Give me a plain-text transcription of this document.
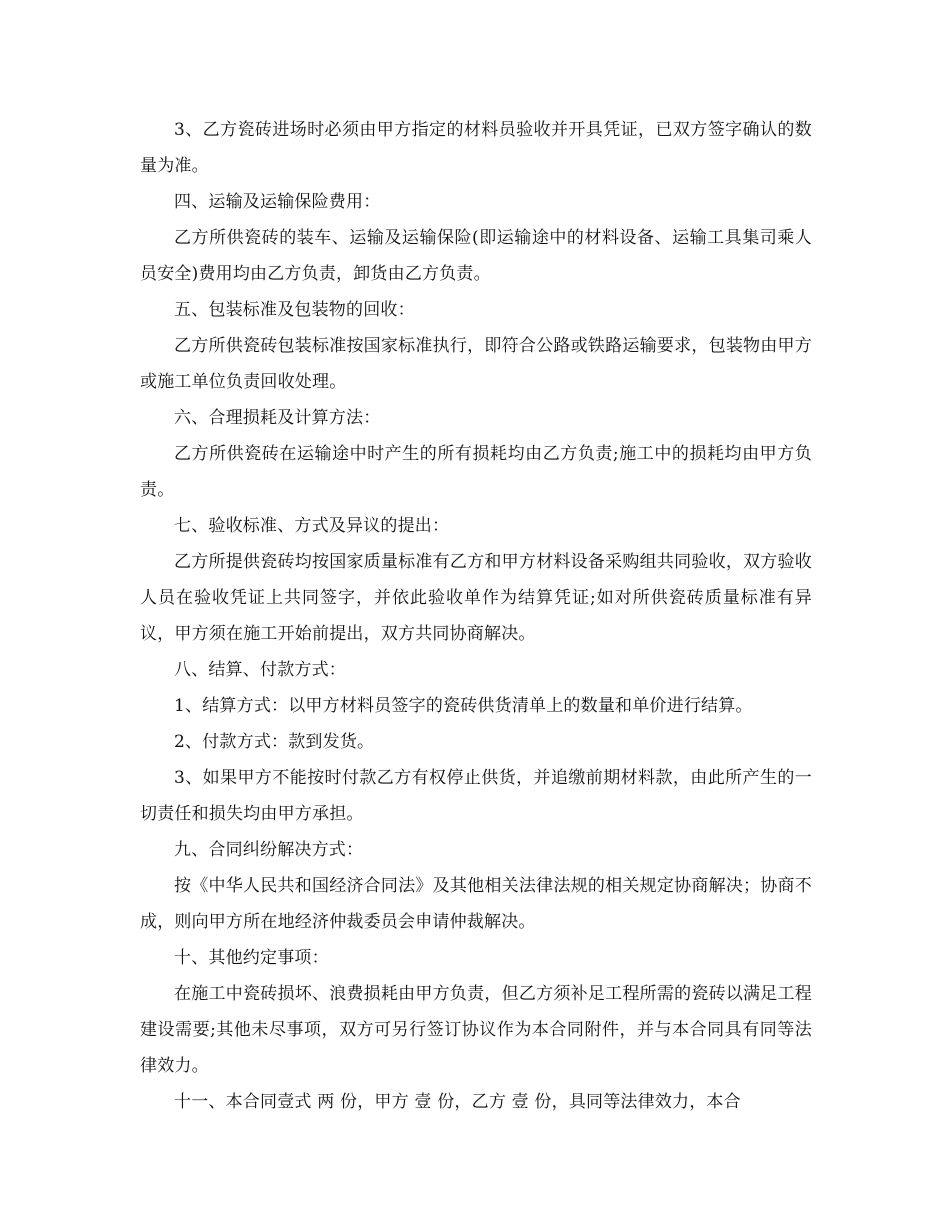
3、乙方瓷砖进场时必须由甲方指定的材料员验收并开具凭证，已双方签字确认的数量为准。

四、运输及运输保险费用：

乙方所供瓷砖的装车、运输及运输保险(即运输途中的材料设备、运输工具集司乘人员安全)费用均由乙方负责，卸货由乙方负责。

五、包装标准及包装物的回收：

乙方所供瓷砖包装标准按国家标准执行，即符合公路或铁路运输要求，包装物由甲方或施工单位负责回收处理。

六、合理损耗及计算方法：

乙方所供瓷砖在运输途中时产生的所有损耗均由乙方负责;施工中的损耗均由甲方负责。

七、验收标准、方式及异议的提出：

乙方所提供瓷砖均按国家质量标准有乙方和甲方材料设备采购组共同验收，双方验收人员在验收凭证上共同签字，并依此验收单作为结算凭证;如对所供瓷砖质量标准有异议，甲方须在施工开始前提出，双方共同协商解决。

八、结算、付款方式：

1、结算方式：以甲方材料员签字的瓷砖供货清单上的数量和单价进行结算。

2、付款方式：款到发货。

3、如果甲方不能按时付款乙方有权停止供货，并追缴前期材料款，由此所产生的一切责任和损失均由甲方承担。

九、合同纠纷解决方式：

按《中华人民共和国经济合同法》及其他相关法律法规的相关规定协商解决；协商不成，则向甲方所在地经济仲裁委员会申请仲裁解决。

十、其他约定事项：

在施工中瓷砖损坏、浪费损耗由甲方负责，但乙方须补足工程所需的瓷砖以满足工程建设需要;其他未尽事项，双方可另行签订协议作为本合同附件，并与本合同具有同等法律效力。

十一、本合同壹式 两 份，甲方 壹 份，乙方 壹 份，具同等法律效力，本合
